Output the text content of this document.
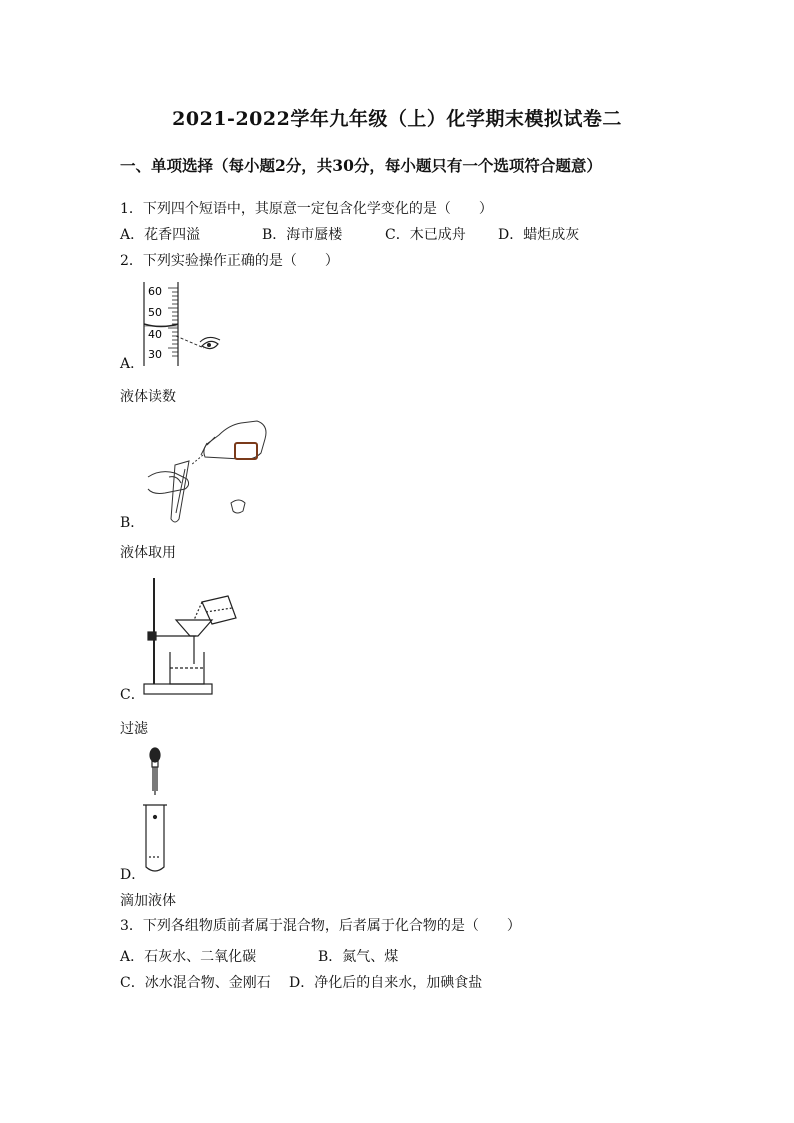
2021-2022学年九年级（上）化学期末模拟试卷二
一、单项选择（每小题2分，共30分，每小题只有一个选项符合题意）
1．下列四个短语中，其原意一定包含化学变化的是（　　）
A．花香四溢	B．海市蜃楼	C．木已成舟 D．蜡炬成灰
2．下列实验操作正确的是（　　）
60
50
40
30
A．
液体读数
B．
液体取用
C．
过滤
D．
滴加液体
3．下列各组物质前者属于混合物，后者属于化合物的是（　　）
A．石灰水、二氧化碳	B．氮气、煤
C．冰水混合物、金刚石 D．净化后的自来水，加碘食盐
